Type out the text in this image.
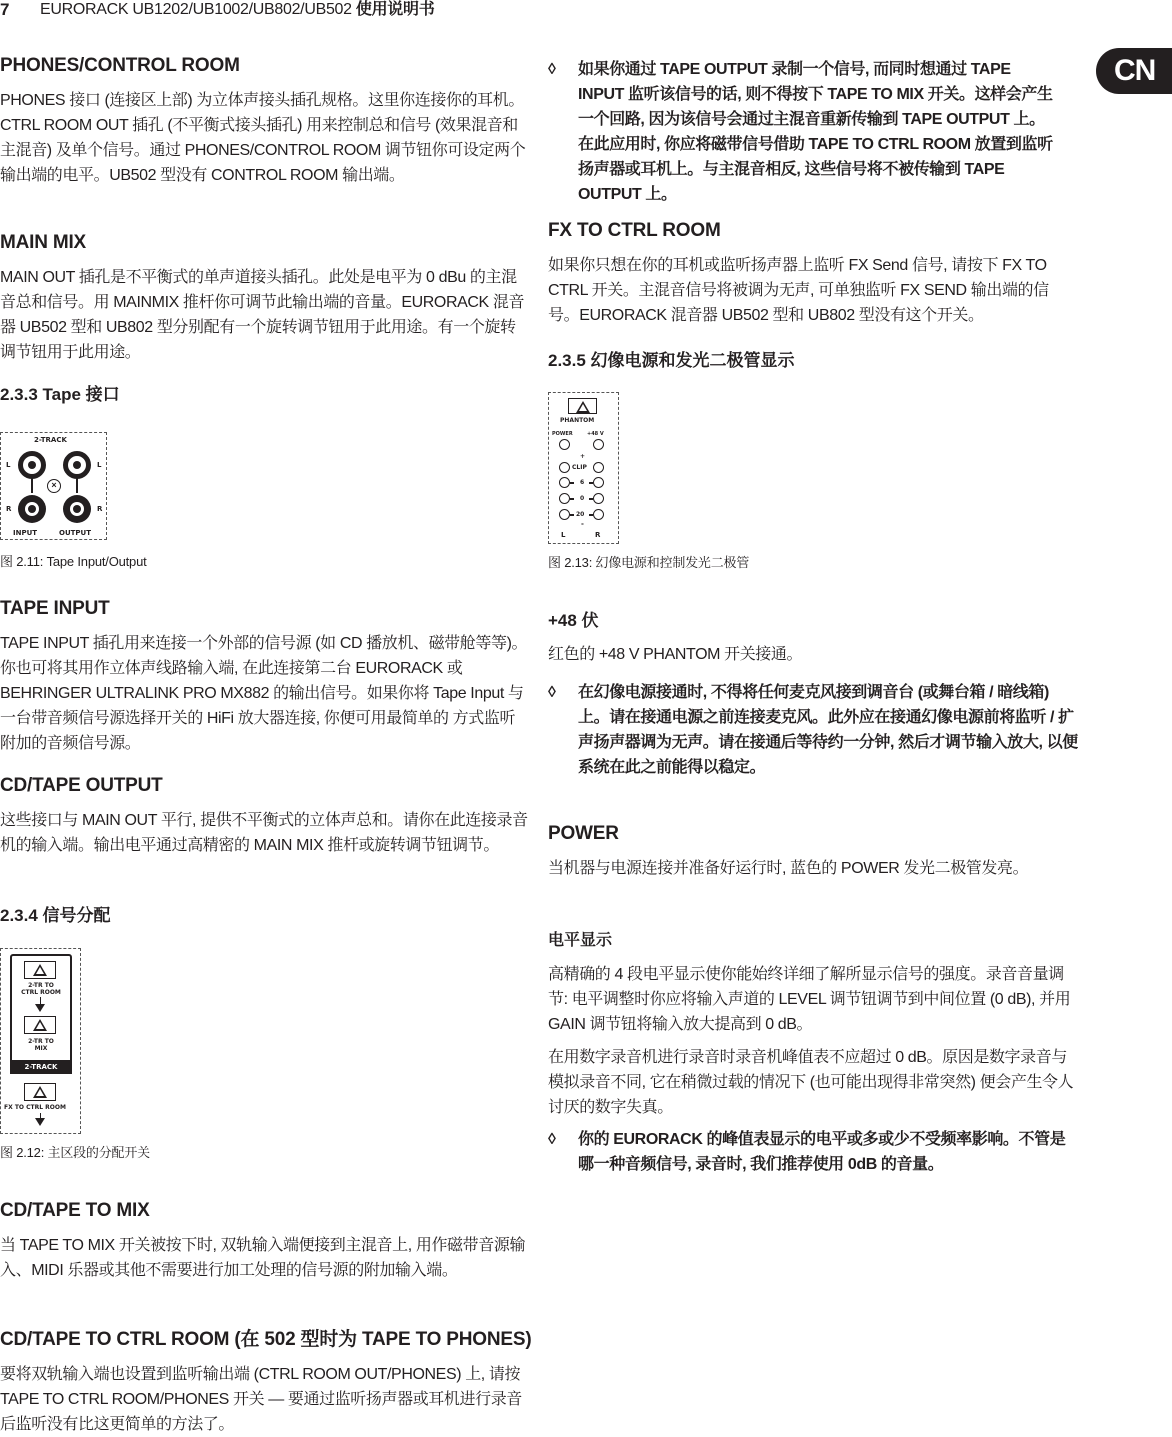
7 EURORACK UB1202/UB1002/UB802/UB502 使用说明书
CN
PHONES/CONTROL ROOM

PHONES 接口 (连接区上部) 为立体声接头插孔规格。这里你连接你的耳机。CTRL ROOM OUT 插孔 (不平衡式接头插孔) 用来控制总和信号 (效果混音和主混音) 及单个信号。通过 PHONES/CONTROL ROOM 调节钮你可设定两个输出端的电平。UB502 型没有 CONTROL ROOM 输出端。

MAIN MIX

MAIN OUT 插孔是不平衡式的单声道接头插孔。此处是电平为 0 dBu 的主混音总和信号。用 MAINMIX 推杆你可调节此输出端的音量。EURORACK 混音器 UB502 型和 UB802 型分别配有一个旋转调节钮用于此用途。有一个旋转调节钮用于此用途。

2.3.3 Tape 接口
2-TRACK
L	L
R	R
×
INPUT	OUTPUT
图 2.11: Tape Input/Output
TAPE INPUT

TAPE INPUT 插孔用来连接一个外部的信号源 (如 CD 播放机、磁带舱等等)。你也可将其用作立体声线路输入端, 在此连接第二台 EURORACK 或 BEHRINGER ULTRALINK PRO MX882 的输出信号。如果你将 Tape Input 与一台带音频信号源选择开关的 HiFi 放大器连接, 你便可用最简单的 方式监听附加的音频信号源。

CD/TAPE OUTPUT

这些接口与 MAIN OUT 平行, 提供不平衡式的立体声总和。请你在此连接录音机的输入端。输出电平通过高精密的 MAIN MIX 推杆或旋转调节钮调节。

2.3.4 信号分配
2-TR TO CTRL ROOM
2-TR TO MIX
2-TRACK
FX TO CTRL ROOM
图 2.12: 主区段的分配开关
CD/TAPE TO MIX

当 TAPE TO MIX 开关被按下时, 双轨输入端便接到主混音上, 用作磁带音源输入、MIDI 乐器或其他不需要进行加工处理的信号源的附加输入端。

CD/TAPE TO CTRL ROOM (在 502 型时为 TAPE TO PHONES)

要将双轨输入端也设置到监听输出端 (CTRL ROOM OUT/PHONES) 上, 请按 TAPE TO CTRL ROOM/PHONES 开关 — 要通过监听扬声器或耳机进行录音后监听没有比这更简单的方法了。

◊ 如果你通过 TAPE OUTPUT 录制一个信号, 而同时想通过 TAPE INPUT 监听该信号的话, 则不得按下 TAPE TO MIX 开关。这样会产生一个回路, 因为该信号会通过主混音重新传输到 TAPE OUTPUT 上。在此应用时, 你应将磁带信号借助 TAPE TO CTRL ROOM 放置到监听扬声器或耳机上。与主混音相反, 这些信号将不被传输到 TAPE OUTPUT 上。

FX TO CTRL ROOM

如果你只想在你的耳机或监听扬声器上监听 FX Send 信号, 请按下 FX TO CTRL 开关。主混音信号将被调为无声, 可单独监听 FX SEND 输出端的信号。EURORACK 混音器 UB502 型和 UB802 型没有这个开关。

2.3.5 幻像电源和发光二极管显示
PHANTOM
POWER	+48 V
+
CLIP
6
0
20
-
L	R
图 2.13: 幻像电源和控制发光二极管
+48 伏

红色的 +48 V PHANTOM 开关接通。

◊ 在幻像电源接通时, 不得将任何麦克风接到调音台 (或舞台箱 / 暗线箱) 上。请在接通电源之前连接麦克风。此外应在接通幻像电源前将监听 / 扩声扬声器调为无声。请在接通后等待约一分钟, 然后才调节输入放大, 以便系统在此之前能得以稳定。

POWER

当机器与电源连接并准备好运行时, 蓝色的 POWER 发光二极管发亮。

电平显示

高精确的 4 段电平显示使你能始终详细了解所显示信号的强度。录音音量调节: 电平调整时你应将输入声道的 LEVEL 调节钮调节到中间位置 (0 dB), 并用 GAIN 调节钮将输入放大提高到 0 dB。

在用数字录音机进行录音时录音机峰值表不应超过 0 dB。原因是数字录音与模拟录音不同, 它在稍微过载的情况下 (也可能出现得非常突然) 便会产生令人讨厌的数字失真。

◊ 你的 EURORACK 的峰值表显示的电平或多或少不受频率影响。不管是哪一种音频信号, 录音时, 我们推荐使用 0dB 的音量。
